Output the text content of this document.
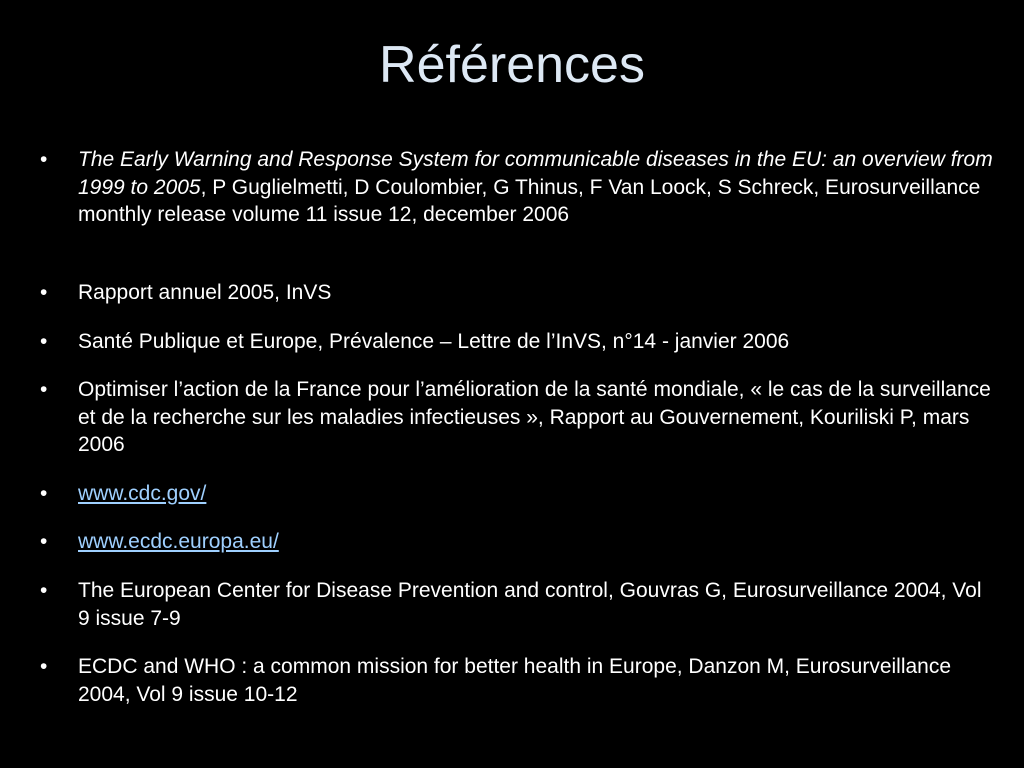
Références
•	The Early Warning and Response System for communicable diseases in the EU: an overview from 1999 to 2005, P Guglielmetti, D Coulombier, G Thinus, F Van Loock, S Schreck, Eurosurveillance monthly release volume 11 issue 12, december 2006
•	Rapport annuel 2005, InVS
•	Santé Publique et Europe, Prévalence – Lettre de l’InVS, n°14 - janvier 2006
•	Optimiser l’action de la France pour l’amélioration de la santé mondiale, « le cas de la surveillance et de la recherche sur les maladies infectieuses », Rapport au Gouvernement, Kouriliski P, mars 2006
•	www.cdc.gov/
•	www.ecdc.europa.eu/
•	The European Center for Disease Prevention and control, Gouvras G, Eurosurveillance 2004, Vol 9 issue 7-9
•	ECDC and WHO : a common mission for better health in Europe, Danzon M, Eurosurveillance 2004, Vol 9 issue 10-12
